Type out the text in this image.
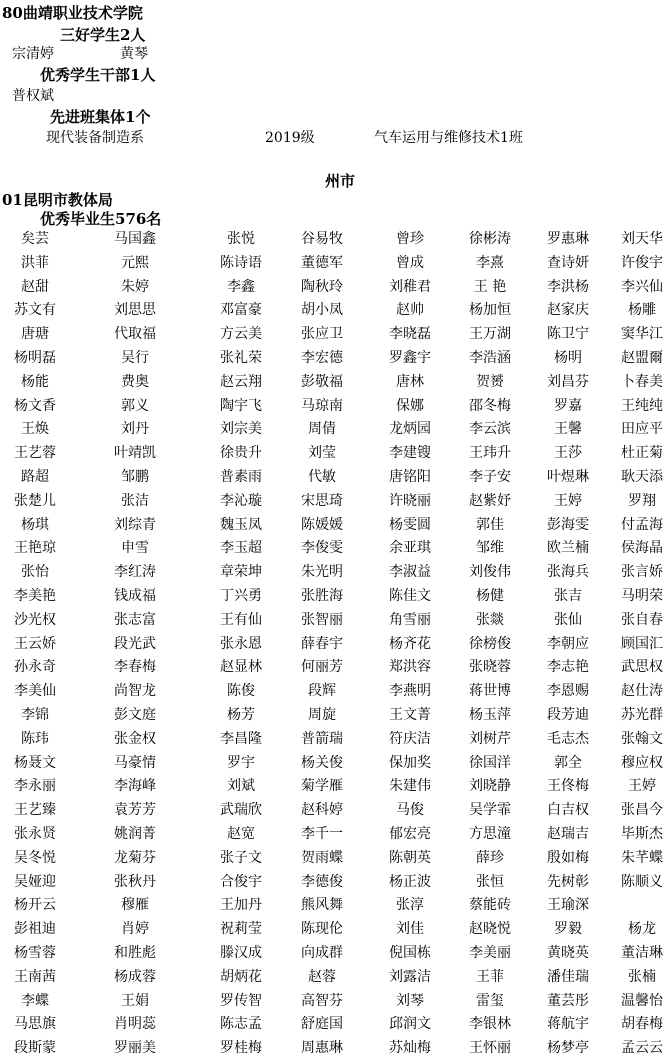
80曲靖职业技术学院
三好学生2人
宗清婷	黄琴
优秀学生干部1人
普权斌
先进班集体1个
现代装备制造系	2019级	气车运用与维修技术1班
州市
01昆明市教体局
优秀毕业生576名
矣芸	马国鑫	张悦	谷易牧	曾珍	徐彬涛	罗惠琳 刘天华
洪菲	元熙	陈诗语	董德军	曾成	李熹	查诗妍 许俊宇
赵甜	朱婷	李鑫	陶秋玲	刘稚君	王 艳	李洪杨 李兴仙
苏文有	刘思思	邓富豪	胡小凤	赵帅	杨加恒	赵家庆	杨雕
唐瑭	代取福	方云美	张应卫	李晓磊	王万湖	陈卫宁 窦华江
杨明磊	吴行	张礼荣	李宏德	罗鑫宇	李浩涵	杨明	赵盟爾
杨能	费奥	赵云翔	彭敬福	唐林	贺赟	刘昌芬 卜春美
杨文香	郭义	陶宇飞	马琼南	保娜	邵冬梅	罗嘉	王纯纯
王焕	刘丹	刘宗美	周倩	龙炳园	李云滨	王馨	田应平
王艺蓉	叶靖凯	徐贵升	刘莹	李建锼	王玮升	王莎	杜正菊
路超	邹鹏	普素雨	代敏	唐铭阳	李子安	叶煜琳 耿天添
张楚儿	张洁	李沁璇	宋思琦	许晓丽	赵紫妤	王婷	罗翔
杨琪	刘综青	魏玉凤	陈媛媛	杨雯圆	郭佳	彭海雯 付孟海
王艳琼	申雪	李玉超	李俊雯	余亚琪	邹维	欧兰楠 侯海晶
张怡	李红涛	章荣坤	朱光明	李淑益	刘俊伟	张海兵 张言娇
李美艳	钱成福	丁兴勇	张胜海	陈佳文	杨健	张吉	马明荣
沙光权	张志富	王有仙	张智丽	角雪丽	张燚	张仙	张自春
王云娇	段光武	张永恩	薛春宇	杨齐花	徐榜俊	李朝应 顾国汇
孙永奇	李春梅	赵显林	何丽芳	郑洪容	张晓蓉	李志艳 武思权
李美仙	尚智龙	陈俊	段辉	李燕明	蒋世博	李恩赐 赵仕涛
李锦	彭文庭	杨芳	周旋	王文菁	杨玉萍	段芳迪 苏光群
陈玮	张金权	李昌隆	普箭瑞	符庆洁	刘树芹	毛志杰 张翰文
杨聂文	马豪情	罗宇	杨关俊	保加奖	徐国洋	郭全	穆应权
李永丽	李海峰	刘斌	菊学雁	朱建伟	刘晓静	王佟梅	王婷
王艺臻	袁芳芳	武瑞欣	赵科婷	马俊	吴学霏	白吉权 张昌今
张永贤	姚润菁	赵宽	李千一	郁宏亮	方思潼	赵瑞吉 毕斯杰
吴冬悦	龙菊芬	张子文	贺雨蝶	陈朝英	薛珍	殷如梅 朱芊蝶
吴娅迎	张秋丹	合俊宇	李德俊	杨正波	张恒	先树彰 陈顺义
杨开云	穆雁	王加丹	熊风舞	张淳	蔡能砖	王瑜深
彭祖迪	肖婷	祝莉莹	陈现伦	刘佳	赵晓悦	罗毅	杨龙
杨雪蓉	和胜彪	滕汉成	向成群	倪国栋	李美丽	黄晓英 董洁琳
王南茜	杨成蓉	胡炳花	赵蓉	刘露洁	王菲	潘佳瑞	张楠
李蝶	王娟	罗传智	高智芬	刘琴	雷玺	董芸彤 温馨怡
马思旗	肖明蕊	陈志孟	舒庭国	邱润文	李银林	蒋航宇 胡春梅
段斯蒙	罗丽美	罗桂梅	周惠琳	苏灿梅	王怀丽	杨梦亭 孟云云
